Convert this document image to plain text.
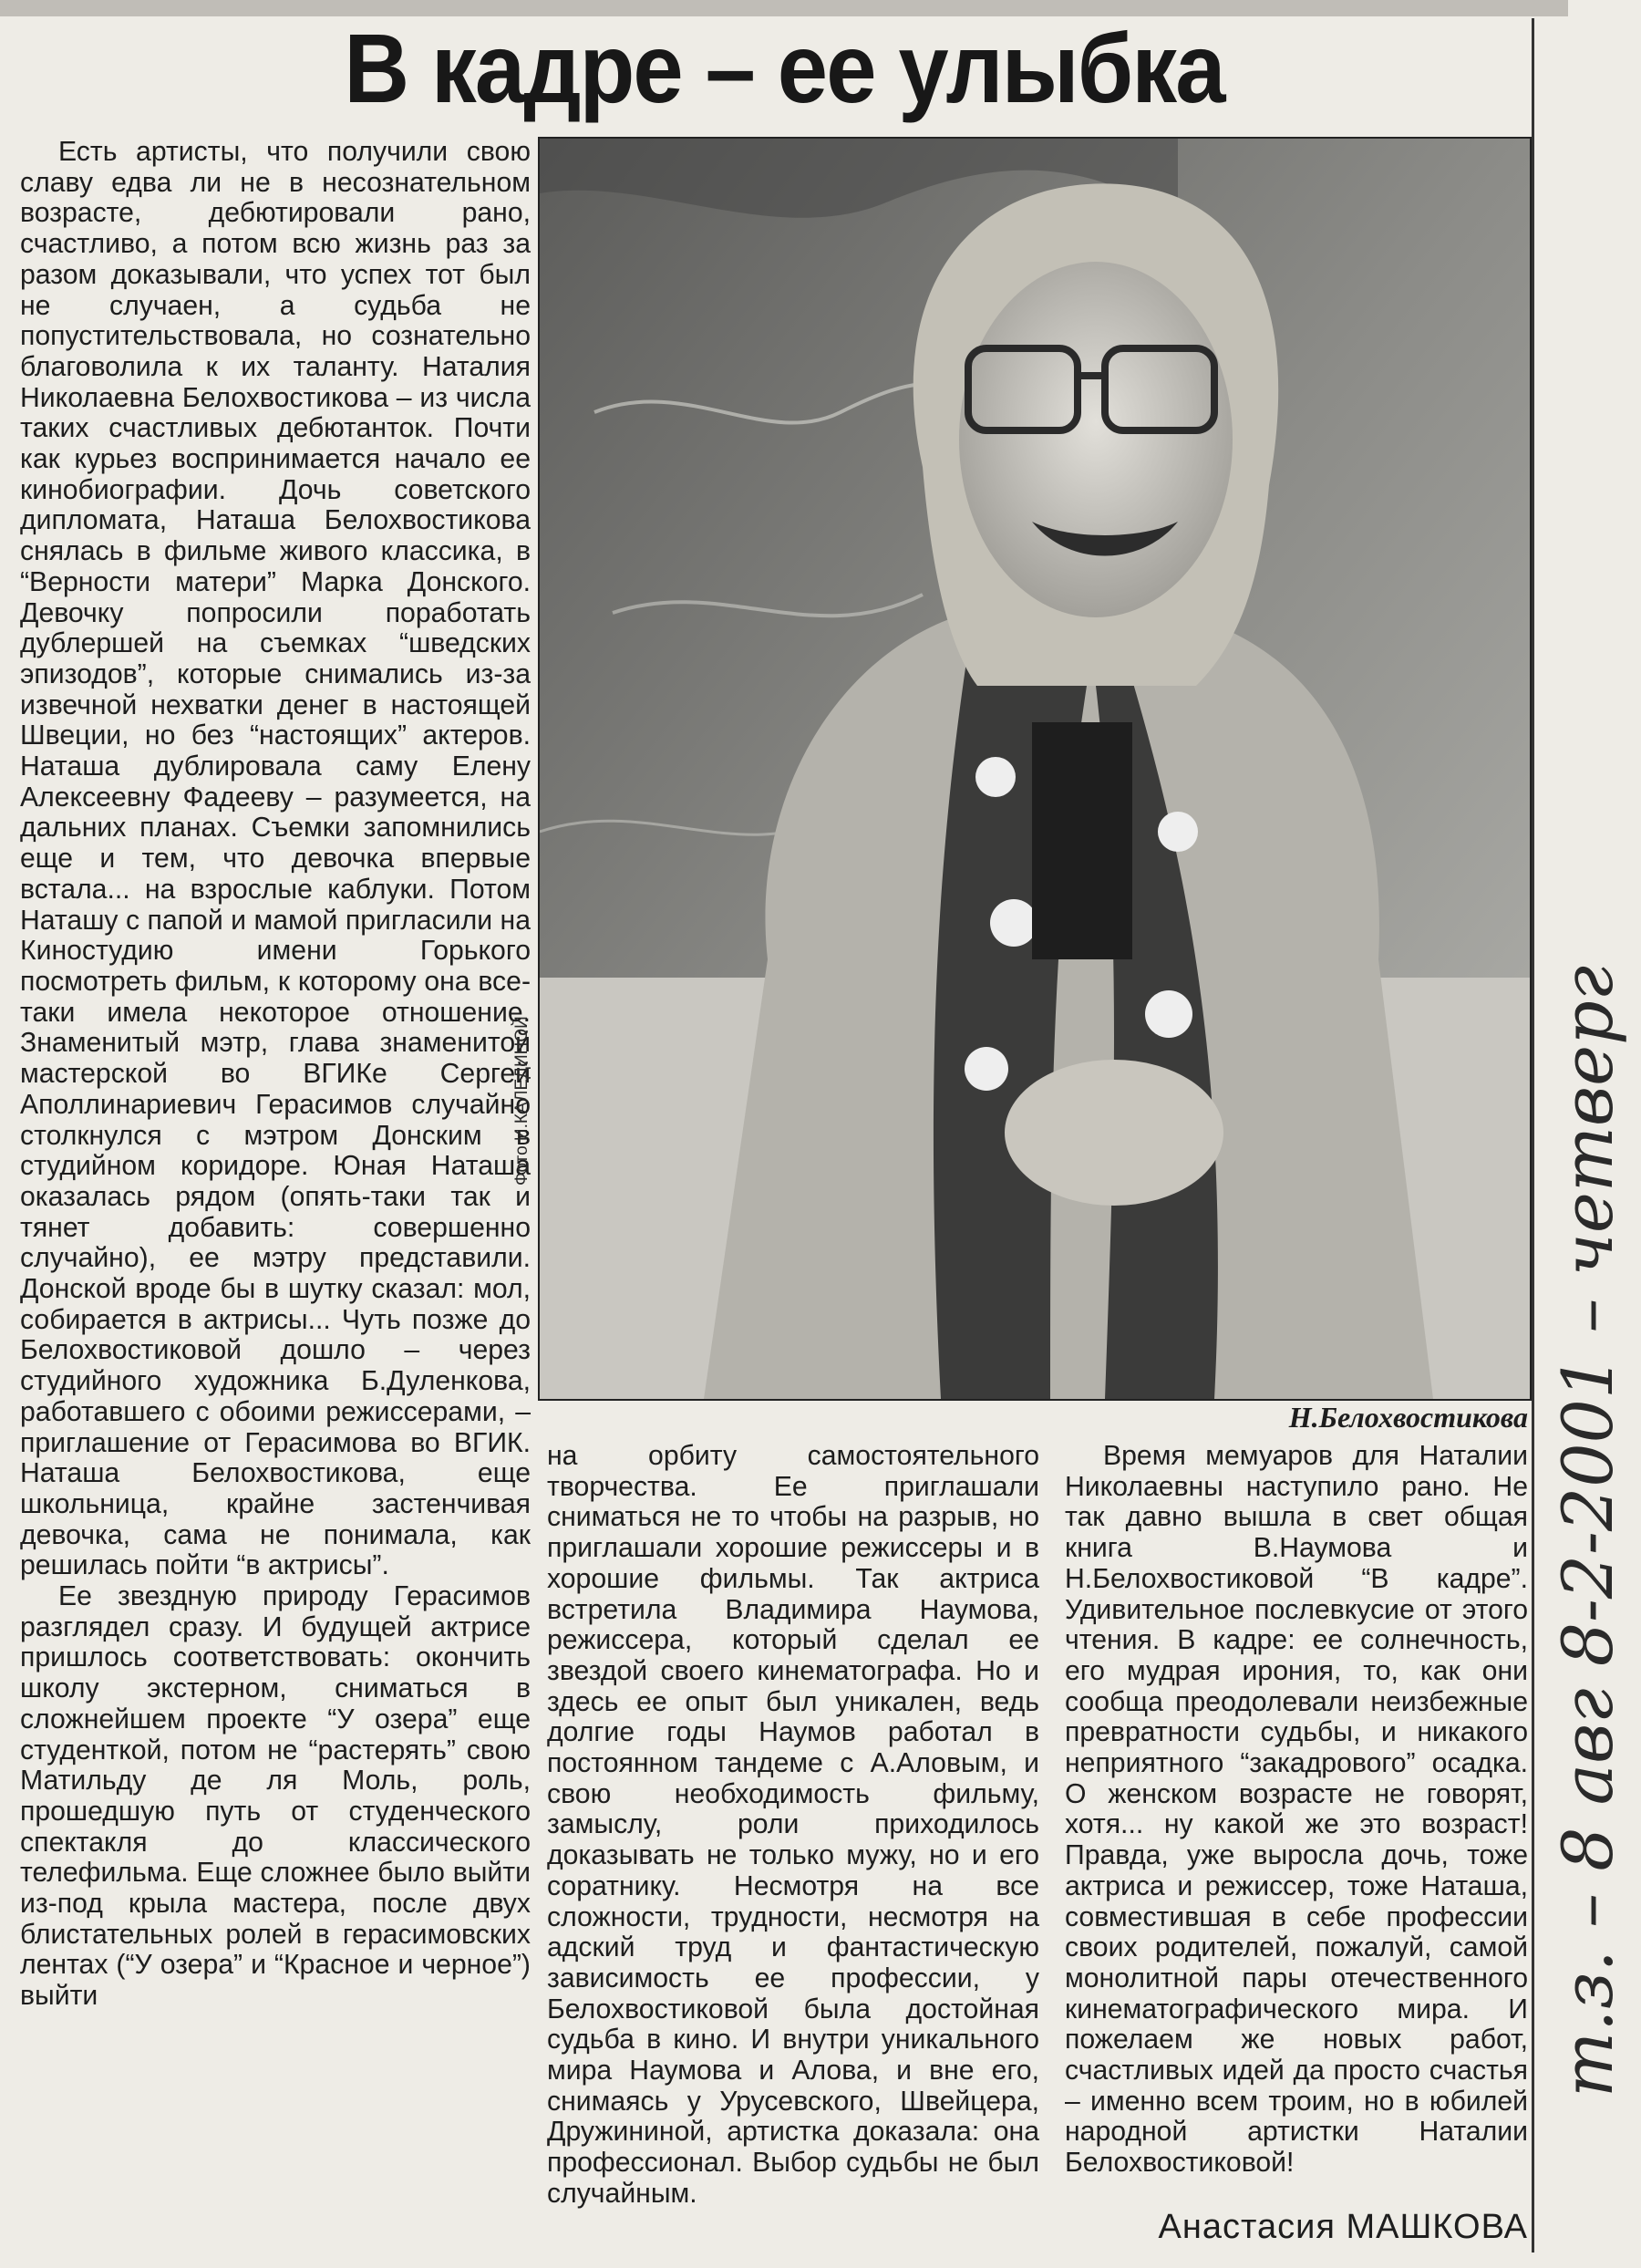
В кадре – ее улыбка

Есть артисты, что получили свою славу едва ли не в несознательном возрасте, дебютировали рано, счастливо, а потом всю жизнь раз за разом доказывали, что успех тот был не случаен, а судьба не попустительствовала, но сознательно благоволила к их таланту. Наталия Николаевна Белохвостикова – из числа таких счастливых дебютанток. Почти как курьез воспринимается начало ее кинобиографии. Дочь советского дипломата, Наташа Белохвостикова снялась в фильме живого классика, в “Верности матери” Марка Донского. Девочку попросили поработать дублершей на съемках “шведских эпизодов”, которые снимались из-за извечной нехватки денег в настоящей Швеции, но без “настоящих” актеров. Наташа дублировала саму Елену Алексеевну Фадееву – разумеется, на дальних планах. Съемки запомнились еще и тем, что девочка впервые встала... на взрослые каблуки. Потом Наташу с папой и мамой пригласили на Киностудию имени Горького посмотреть фильм, к которому она все-таки имела некоторое отношение. Знаменитый мэтр, глава знаменитой мастерской во ВГИКе Сергей Аполлинариевич Герасимов случайно столкнулся с мэтром Донским в студийном коридоре. Юная Наташа оказалась рядом (опять-таки так и тянет добавить: совершенно случайно), ее мэтру представили. Донской вроде бы в шутку сказал: мол, собирается в актрисы... Чуть позже до Белохвостиковой дошло – через студийного художника Б.Дуленкова, работавшего с обоими режиссерами, – приглашение от Герасимова во ВГИК. Наташа Белохвостикова, еще школьница, крайне застенчивая девочка, сама не понимала, как решилась пойти “в актрисы”.

Ее звездную природу Герасимов разглядел сразу. И будущей актрисе пришлось соответствовать: окончить школу экстерном, сниматься в сложнейшем проекте “У озера” еще студенткой, потом не “растерять” свою Матильду де ля Моль, роль, прошедшую путь от студенческого спектакля до классического телефильма. Еще сложнее было выйти из-под крыла мастера, после двух блистательных ролей в герасимовских лентах (“У озера” и “Красное и черное”) выйти

Фото И.КАЛЕДИНОЙ
Н.Белохвостикова

на орбиту самостоятельного творчества. Ее приглашали сниматься не то чтобы на разрыв, но приглашали хорошие режиссеры и в хорошие фильмы. Так актриса встретила Владимира Наумова, режиссера, который сделал ее звездой своего кинематографа. Но и здесь ее опыт был уникален, ведь долгие годы Наумов работал в постоянном тандеме с А.Аловым, и свою необходимость фильму, замыслу, роли приходилось доказывать не только мужу, но и его соратнику. Несмотря на все сложности, трудности, несмотря на адский труд и фантастическую зависимость ее профессии, у Белохвостиковой была достойная судьба в кино. И внутри уникального мира Наумова и Алова, и вне его, снимаясь у Урусевского, Швейцера, Дружининой, артистка доказала: она профессионал. Выбор судьбы не был случайным.

Время мемуаров для Наталии Николаевны наступило рано. Не так давно вышла в свет общая книга В.Наумова и Н.Белохвостиковой “В кадре”. Удивительное послевкусие от этого чтения. В кадре: ее солнечность, его мудрая ирония, то, как они сообща преодолевали неизбежные превратности судьбы, и никакого неприятного “закадрового” осадка. О женском возрасте не говорят, хотя... ну какой же это возраст! Правда, уже выросла дочь, тоже актриса и режиссер, тоже Наташа, совместившая в себе профессии своих родителей, пожалуй, самой монолитной пары отечественного кинематографического мира. И пожелаем же новых работ, счастливых идей да просто счастья – именно всем троим, но в юбилей народной артистки Наталии Белохвостиковой!

Анастасия МАШКОВА
т.з. – 8 авг 8-2-2001 – четверг
